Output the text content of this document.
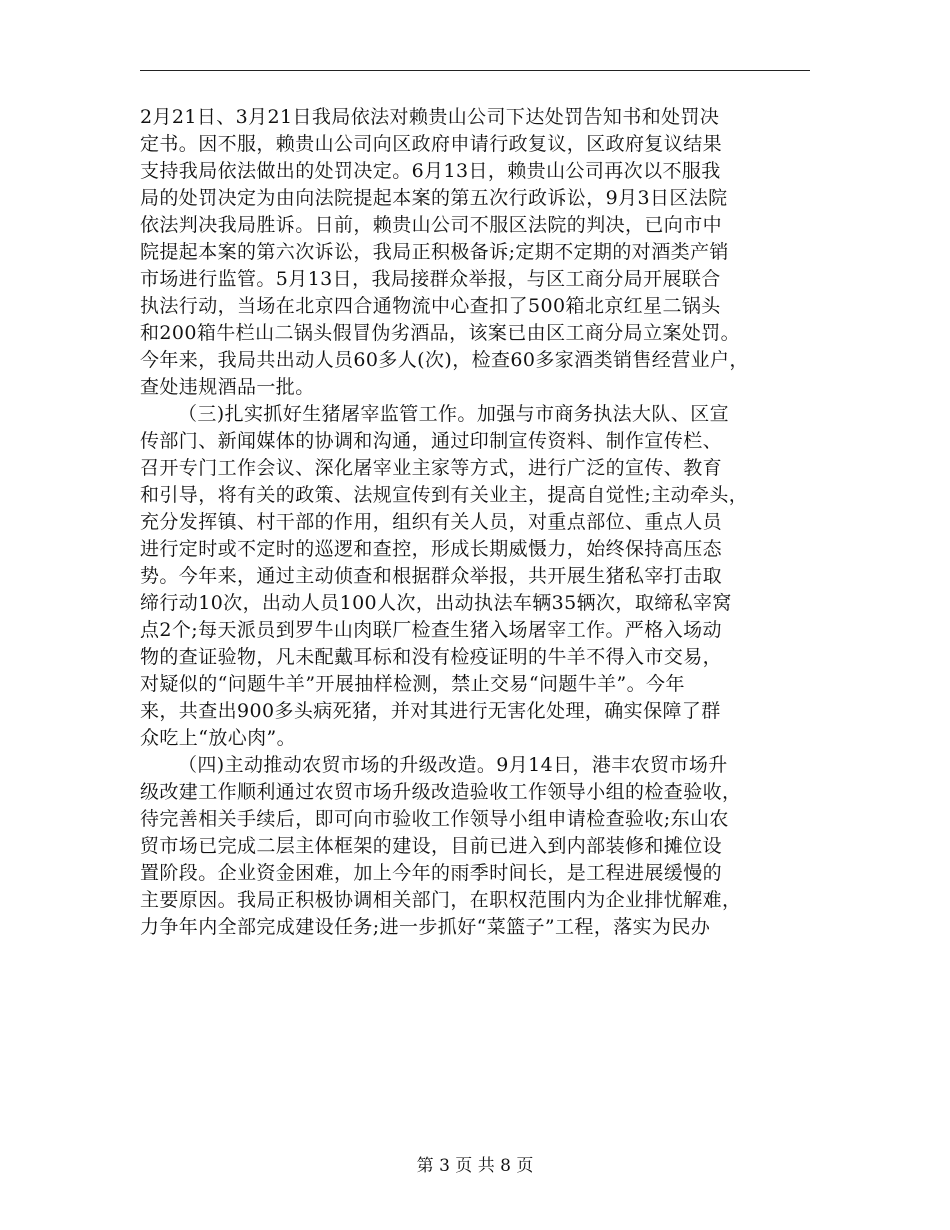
2月21日、3月21日我局依法对赖贵山公司下达处罚告知书和处罚决
定书。因不服，赖贵山公司向区政府申请行政复议，区政府复议结果
支持我局依法做出的处罚决定。6月13日，赖贵山公司再次以不服我
局的处罚决定为由向法院提起本案的第五次行政诉讼，9月3日区法院
依法判决我局胜诉。日前，赖贵山公司不服区法院的判决，已向市中
院提起本案的第六次诉讼，我局正积极备诉;定期不定期的对酒类产销
市场进行监管。5月13日，我局接群众举报，与区工商分局开展联合
执法行动，当场在北京四合通物流中心查扣了500箱北京红星二锅头
和200箱牛栏山二锅头假冒伪劣酒品，该案已由区工商分局立案处罚。
今年来，我局共出动人员60多人(次)，检查60多家酒类销售经营业户，
查处违规酒品一批。
（三)扎实抓好生猪屠宰监管工作。加强与市商务执法大队、区宣
传部门、新闻媒体的协调和沟通，通过印制宣传资料、制作宣传栏、
召开专门工作会议、深化屠宰业主家等方式，进行广泛的宣传、教育
和引导，将有关的政策、法规宣传到有关业主，提高自觉性;主动牵头，
充分发挥镇、村干部的作用，组织有关人员，对重点部位、重点人员
进行定时或不定时的巡逻和查控，形成长期威慑力，始终保持高压态
势。今年来，通过主动侦查和根据群众举报，共开展生猪私宰打击取
缔行动10次，出动人员100人次，出动执法车辆35辆次，取缔私宰窝
点2个;每天派员到罗牛山肉联厂检查生猪入场屠宰工作。严格入场动
物的查证验物，凡未配戴耳标和没有检疫证明的牛羊不得入市交易，
对疑似的“问题牛羊”开展抽样检测，禁止交易“问题牛羊”。今年
来，共查出900多头病死猪，并对其进行无害化处理，确实保障了群
众吃上“放心肉”。
（四)主动推动农贸市场的升级改造。9月14日，港丰农贸市场升
级改建工作顺利通过农贸市场升级改造验收工作领导小组的检查验收，
待完善相关手续后，即可向市验收工作领导小组申请检查验收;东山农
贸市场已完成二层主体框架的建设，目前已进入到内部装修和摊位设
置阶段。企业资金困难，加上今年的雨季时间长，是工程进展缓慢的
主要原因。我局正积极协调相关部门，在职权范围内为企业排忧解难，
力争年内全部完成建设任务;进一步抓好“菜篮子”工程，落实为民办
第 3 页 共 8 页
